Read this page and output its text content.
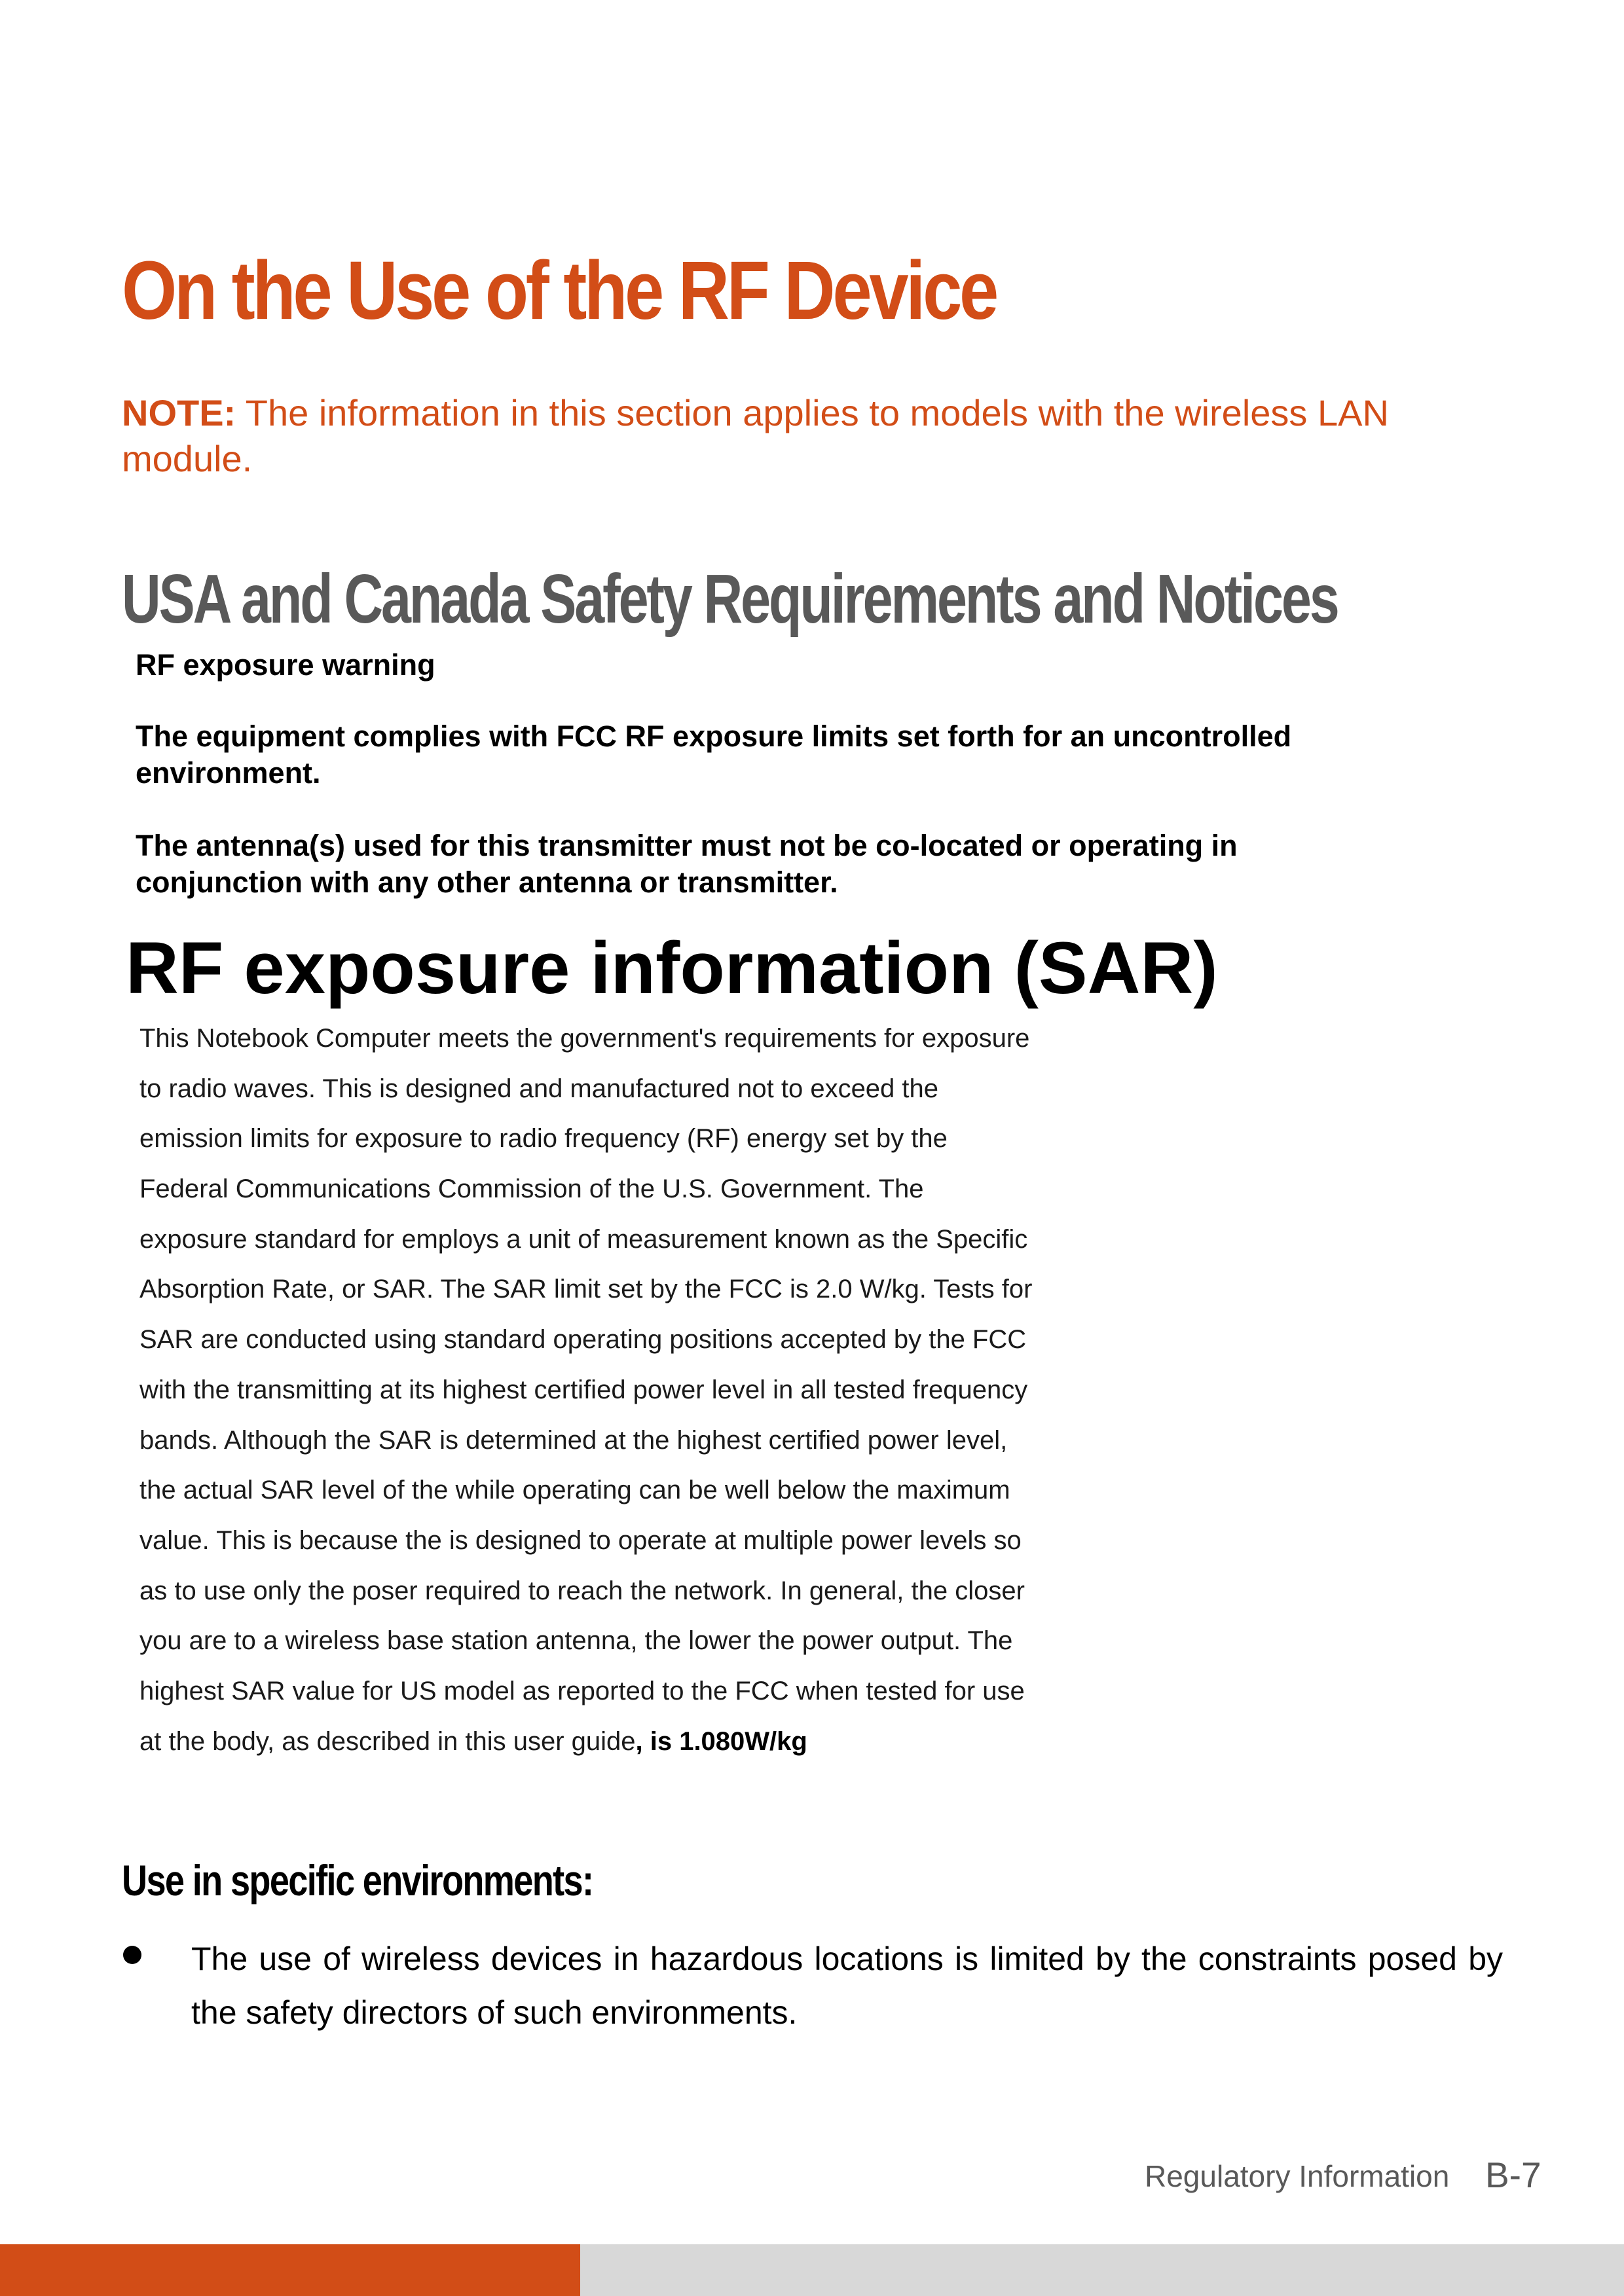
On the Use of the RF Device
NOTE: The information in this section applies to models with the wireless LAN module.
USA and Canada Safety Requirements and Notices
RF exposure warning
The equipment complies with FCC RF exposure limits set forth for an uncontrolled environment.
The antenna(s) used for this transmitter must not be co-located or operating in conjunction with any other antenna or transmitter.
RF exposure information (SAR)
This Notebook Computer meets the government's requirements for exposure
to radio waves. This is designed and manufactured not to exceed the
emission limits for exposure to radio frequency (RF) energy set by the
Federal Communications Commission of the U.S. Government. The
exposure standard for employs a unit of measurement known as the Specific
Absorption Rate, or SAR. The SAR limit set by the FCC is 2.0 W/kg. Tests for
SAR are conducted using standard operating positions accepted by the FCC
with the transmitting at its highest certified power level in all tested frequency
bands. Although the SAR is determined at the highest certified power level,
the actual SAR level of the while operating can be well below the maximum
value. This is because the is designed to operate at multiple power levels so
as to use only the poser required to reach the network. In general, the closer
you are to a wireless base station antenna, the lower the power output. The
highest SAR value for US model as reported to the FCC when tested for use
at the body, as described in this user guide, is 1.080W/kg
Use in specific environments:
The use of wireless devices in hazardous locations is limited by the constraints posed by the safety directors of such environments.
Regulatory Information B-7
